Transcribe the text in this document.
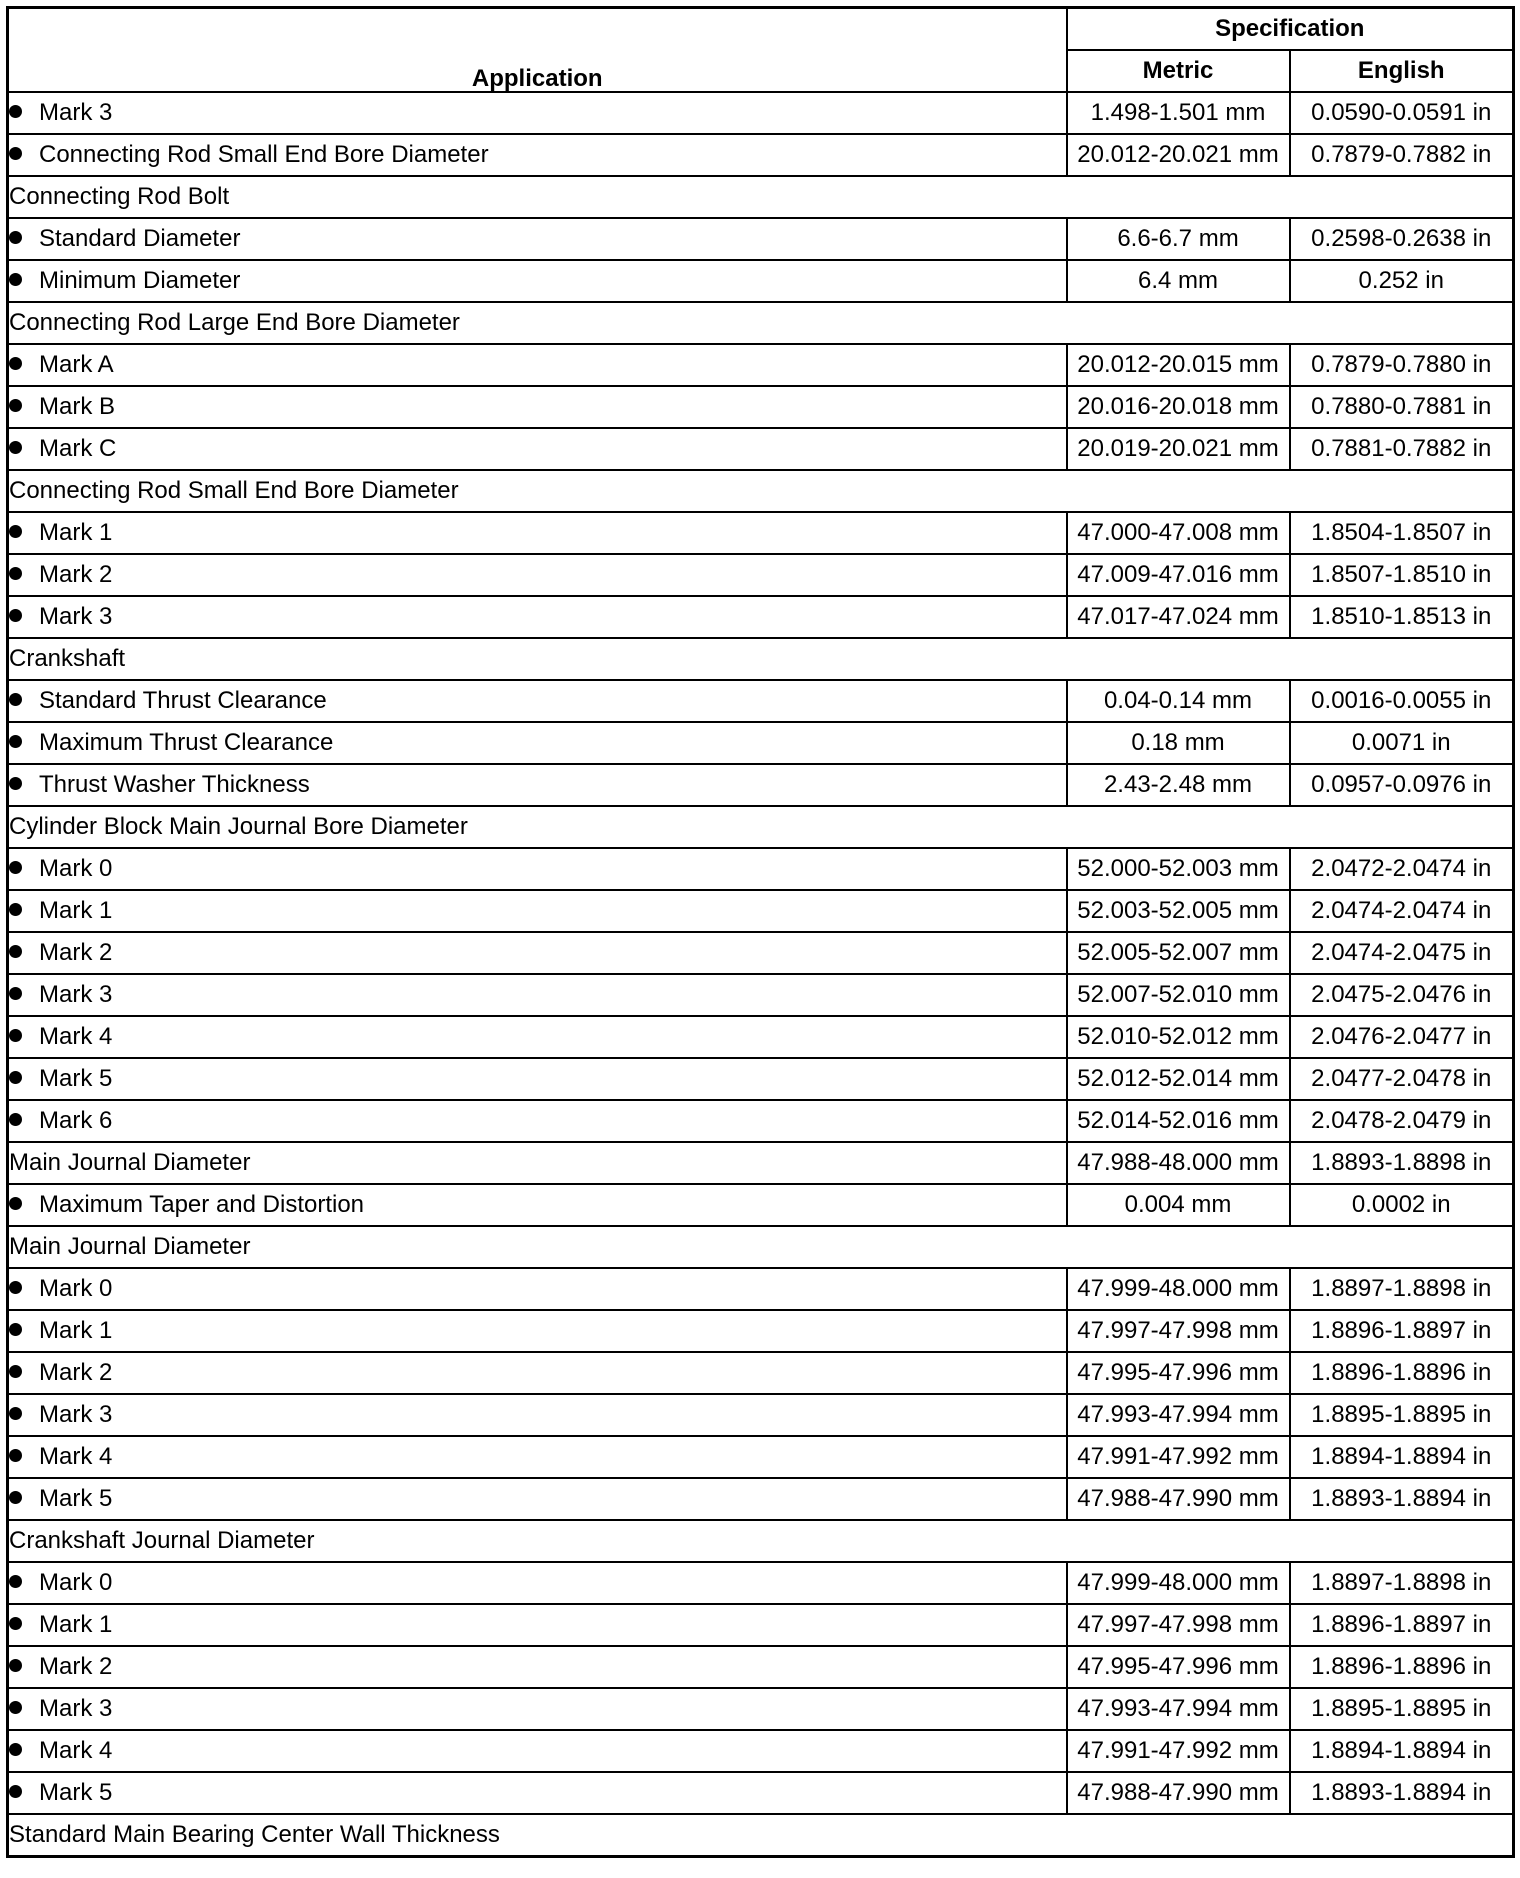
Application	Specification	
	Metric	English
Mark 3	1.498-1.501 mm	0.0590-0.0591 in
Connecting Rod Small End Bore Diameter	20.012-20.021 mm	0.7879-0.7882 in
Connecting Rod Bolt		
Standard Diameter	6.6-6.7 mm	0.2598-0.2638 in
Minimum Diameter	6.4 mm	0.252 in
Connecting Rod Large End Bore Diameter		
Mark A	20.012-20.015 mm	0.7879-0.7880 in
Mark B	20.016-20.018 mm	0.7880-0.7881 in
Mark C	20.019-20.021 mm	0.7881-0.7882 in
Connecting Rod Small End Bore Diameter		
Mark 1	47.000-47.008 mm	1.8504-1.8507 in
Mark 2	47.009-47.016 mm	1.8507-1.8510 in
Mark 3	47.017-47.024 mm	1.8510-1.8513 in
Crankshaft		
Standard Thrust Clearance	0.04-0.14 mm	0.0016-0.0055 in
Maximum Thrust Clearance	0.18 mm	0.0071 in
Thrust Washer Thickness	2.43-2.48 mm	0.0957-0.0976 in
Cylinder Block Main Journal Bore Diameter		
Mark 0	52.000-52.003 mm	2.0472-2.0474 in
Mark 1	52.003-52.005 mm	2.0474-2.0474 in
Mark 2	52.005-52.007 mm	2.0474-2.0475 in
Mark 3	52.007-52.010 mm	2.0475-2.0476 in
Mark 4	52.010-52.012 mm	2.0476-2.0477 in
Mark 5	52.012-52.014 mm	2.0477-2.0478 in
Mark 6	52.014-52.016 mm	2.0478-2.0479 in
Main Journal Diameter	47.988-48.000 mm	1.8893-1.8898 in
Maximum Taper and Distortion	0.004 mm	0.0002 in
Main Journal Diameter		
Mark 0	47.999-48.000 mm	1.8897-1.8898 in
Mark 1	47.997-47.998 mm	1.8896-1.8897 in
Mark 2	47.995-47.996 mm	1.8896-1.8896 in
Mark 3	47.993-47.994 mm	1.8895-1.8895 in
Mark 4	47.991-47.992 mm	1.8894-1.8894 in
Mark 5	47.988-47.990 mm	1.8893-1.8894 in
Crankshaft Journal Diameter		
Mark 0	47.999-48.000 mm	1.8897-1.8898 in
Mark 1	47.997-47.998 mm	1.8896-1.8897 in
Mark 2	47.995-47.996 mm	1.8896-1.8896 in
Mark 3	47.993-47.994 mm	1.8895-1.8895 in
Mark 4	47.991-47.992 mm	1.8894-1.8894 in
Mark 5	47.988-47.990 mm	1.8893-1.8894 in
Standard Main Bearing Center Wall Thickness		
